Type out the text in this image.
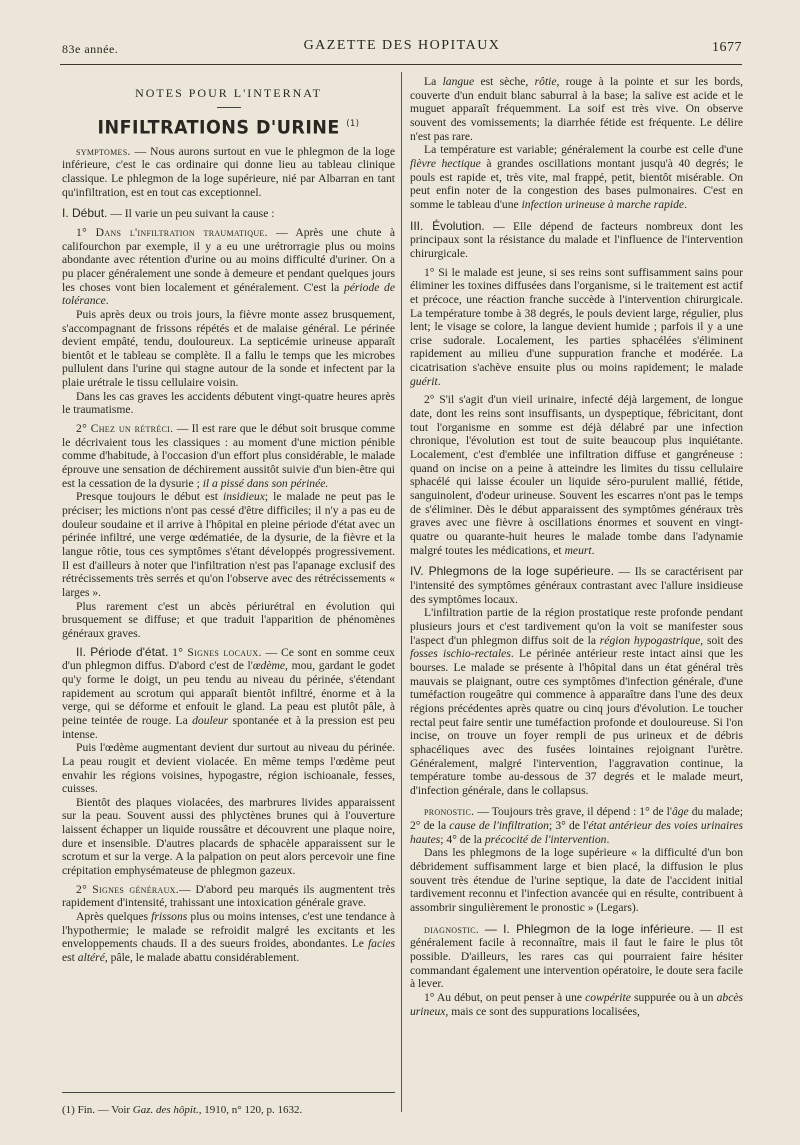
83e année.	GAZETTE DES HOPITAUX	1677

NOTES POUR L'INTERNAT

INFILTRATIONS D'URINE $^{(1)}$

symptomes. — Nous aurons surtout en vue le phlegmon de la loge inférieure, c'est le cas ordinaire qui donne lieu au tableau clinique classique. Le phlegmon de la loge supérieure, nié par Albarran en tant qu'infiltration, est en tout cas exceptionnel.

I. Début. — Il varie un peu suivant la cause :

1° Dans l'infiltration traumatique. — Après une chute à califourchon par exemple, il y a eu une urétrorragie plus ou moins abondante avec rétention d'urine ou au moins difficulté d'uriner. On a pu placer généralement une sonde à demeure et pendant quelques jours les choses vont bien localement et généralement. C'est la période de tolérance.

Puis après deux ou trois jours, la fièvre monte assez brusquement, s'accompagnant de frissons répétés et de malaise général. Le périnée devient empâté, tendu, douloureux. La septicémie urineuse apparaît bientôt et le tableau se complète. Il a fallu le temps que les microbes pullulent dans l'urine qui stagne autour de la sonde et infectent par la plaie urétrale le tissu cellulaire voisin.

Dans les cas graves les accidents débutent vingt-quatre heures après le traumatisme.

2° Chez un rétréci. — Il est rare que le début soit brusque comme le décrivaient tous les classiques : au moment d'une miction pénible comme d'habitude, à l'occasion d'un effort plus considérable, le malade éprouve une sensation de déchirement aussitôt suivie d'un bien-être qui est la cessation de la dysurie ; il a pissé dans son périnée.

Presque toujours le début est insidieux; le malade ne peut pas le préciser; les mictions n'ont pas cessé d'être difficiles; il n'y a pas eu de douleur soudaine et il arrive à l'hôpital en pleine période d'état avec un périnée infiltré, une verge œdématiée, de la dysurie, de la fièvre et la langue rôtie, tous ces symptômes s'étant développés progressivement. Il est d'ailleurs à noter que l'infiltration n'est pas l'apanage exclusif des rétrécissements très serrés et qu'on l'observe avec des rétrécissements « larges ».

Plus rarement c'est un abcès périurétral en évolution qui brusquement se diffuse; et que traduit l'apparition de phénomènes généraux graves.

II. Période d'état. 1° Signes locaux. — Ce sont en somme ceux d'un phlegmon diffus. D'abord c'est de l'œdème, mou, gardant le godet qu'y forme le doigt, un peu tendu au niveau du périnée, s'étendant rapidement au scrotum qui apparaît bientôt infiltré, énorme et à la verge, qui se déforme et enfouit le gland. La peau est plutôt pâle, à peine teintée de rouge. La douleur spontanée et à la pression est peu intense.

Puis l'œdème augmentant devient dur surtout au niveau du périnée. La peau rougit et devient violacée. En même temps l'œdème peut envahir les régions voisines, hypogastre, région ischioanale, fesses, cuisses.

Bientôt des plaques violacées, des marbrures livides apparaissent sur la peau. Souvent aussi des phlyctènes brunes qui à l'ouverture laissent échapper un liquide roussâtre et découvrent une plaque noire, dure et insensible. D'autres placards de sphacèle apparaissent sur le scrotum et sur la verge. A la palpation on peut alors percevoir une fine crépitation emphysémateuse de phlegmon gazeux.

2° Signes généraux.— D'abord peu marqués ils augmentent très rapidement d'intensité, trahissant une intoxication générale grave.

Après quelques frissons plus ou moins intenses, c'est une tendance à l'hypothermie; le malade se refroidit malgré les excitants et les enveloppements chauds. Il a des sueurs froides, abondantes. Le facies est altéré, pâle, le malade abattu considérablement.

(1) Fin. — Voir Gaz. des hôpit., 1910, n° 120, p. 1632.

La langue est sèche, rôtie, rouge à la pointe et sur les bords, couverte d'un enduit blanc saburral à la base; la salive est acide et le muguet apparaît fréquemment. La soif est très vive. On observe souvent des vomissements; la diarrhée fétide est fréquente. Le délire n'est pas rare.

La température est variable; généralement la courbe est celle d'une fièvre hectique à grandes oscillations montant jusqu'à 40 degrés; le pouls est rapide et, très vite, mal frappé, petit, bientôt misérable. On peut enfin noter de la congestion des bases pulmonaires. C'est en somme le tableau d'une infection urineuse à marche rapide.

III. Évolution. — Elle dépend de facteurs nombreux dont les principaux sont la résistance du malade et l'influence de l'intervention chirurgicale.

1° Si le malade est jeune, si ses reins sont suffisamment sains pour éliminer les toxines diffusées dans l'organisme, si le traitement est actif et précoce, une réaction franche succède à l'intervention chirurgicale. La température tombe à 38 degrés, le pouls devient large, régulier, plus lent; le visage se colore, la langue devient humide ; parfois il y a une crise sudorale. Localement, les parties sphacélées s'éliminent rapidement au milieu d'une suppuration franche et modérée. La cicatrisation s'achève ensuite plus ou moins rapidement; le malade guérit.

2° S'il s'agit d'un vieil urinaire, infecté déjà largement, de longue date, dont les reins sont insuffisants, un dyspeptique, fébricitant, dont tout l'organisme en somme est déjà délabré par une infection chronique, l'évolution est tout de suite beaucoup plus inquiétante. Localement, c'est d'emblée une infiltration diffuse et gangréneuse : quand on incise on a peine à atteindre les limites du tissu cellulaire sphacélé qui laisse écouler un liquide séro-purulent mallié, fétide, sanguinolent, d'odeur urineuse. Souvent les escarres n'ont pas le temps de s'éliminer. Dès le début apparaissent des symptômes généraux très graves avec une fièvre à oscillations énormes et souvent en vingt-quatre ou quarante-huit heures le malade tombe dans l'adynamie malgré toutes les médications, et meurt.

IV. Phlegmons de la loge supérieure. — Ils se caractérisent par l'intensité des symptômes généraux contrastant avec l'allure insidieuse des symptômes locaux.

L'infiltration partie de la région prostatique reste profonde pendant plusieurs jours et c'est tardivement qu'on la voit se manifester sous l'aspect d'un phlegmon diffus soit de la région hypogastrique, soit des fosses ischio-rectales. Le périnée antérieur reste intact ainsi que les bourses. Le malade se présente à l'hôpital dans un état général très mauvais se plaignant, outre ces symptômes d'infection générale, d'une tuméfaction rougeâtre qui commence à apparaître dans l'une des deux régions précédentes après quatre ou cinq jours d'évolution. Le toucher rectal peut faire sentir une tuméfaction profonde et douloureuse. Si l'on incise, on trouve un foyer rempli de pus urineux et de débris sphacéliques avec des fusées lointaines rejoignant l'urètre. Généralement, malgré l'intervention, l'aggravation continue, la température tombe au-dessous de 37 degrés et le malade meurt, d'infection générale, dans le collapsus.

pronostic. — Toujours très grave, il dépend : 1° de l'âge du malade; 2° de la cause de l'infiltration; 3° de l'état antérieur des voies urinaires hautes; 4° de la précocité de l'intervention.

Dans les phlegmons de la loge supérieure « la difficulté d'un bon débridement suffisamment large et bien placé, la diffusion le plus souvent très étendue de l'urine septique, la date de l'accident initial tardivement reconnu et l'infection avancée qui en résulte, contribuent à assombrir singulièrement le pronostic » (Legars).

diagnostic. — I. Phlegmon de la loge inférieure. — Il est généralement facile à reconnaître, mais il faut le faire le plus tôt possible. D'ailleurs, les rares cas qui pourraient faire hésiter commandant également une intervention opératoire, le doute sera facile à lever.

1° Au début, on peut penser à une cowpérite suppurée ou à un abcès urineux, mais ce sont des suppurations localisées,
